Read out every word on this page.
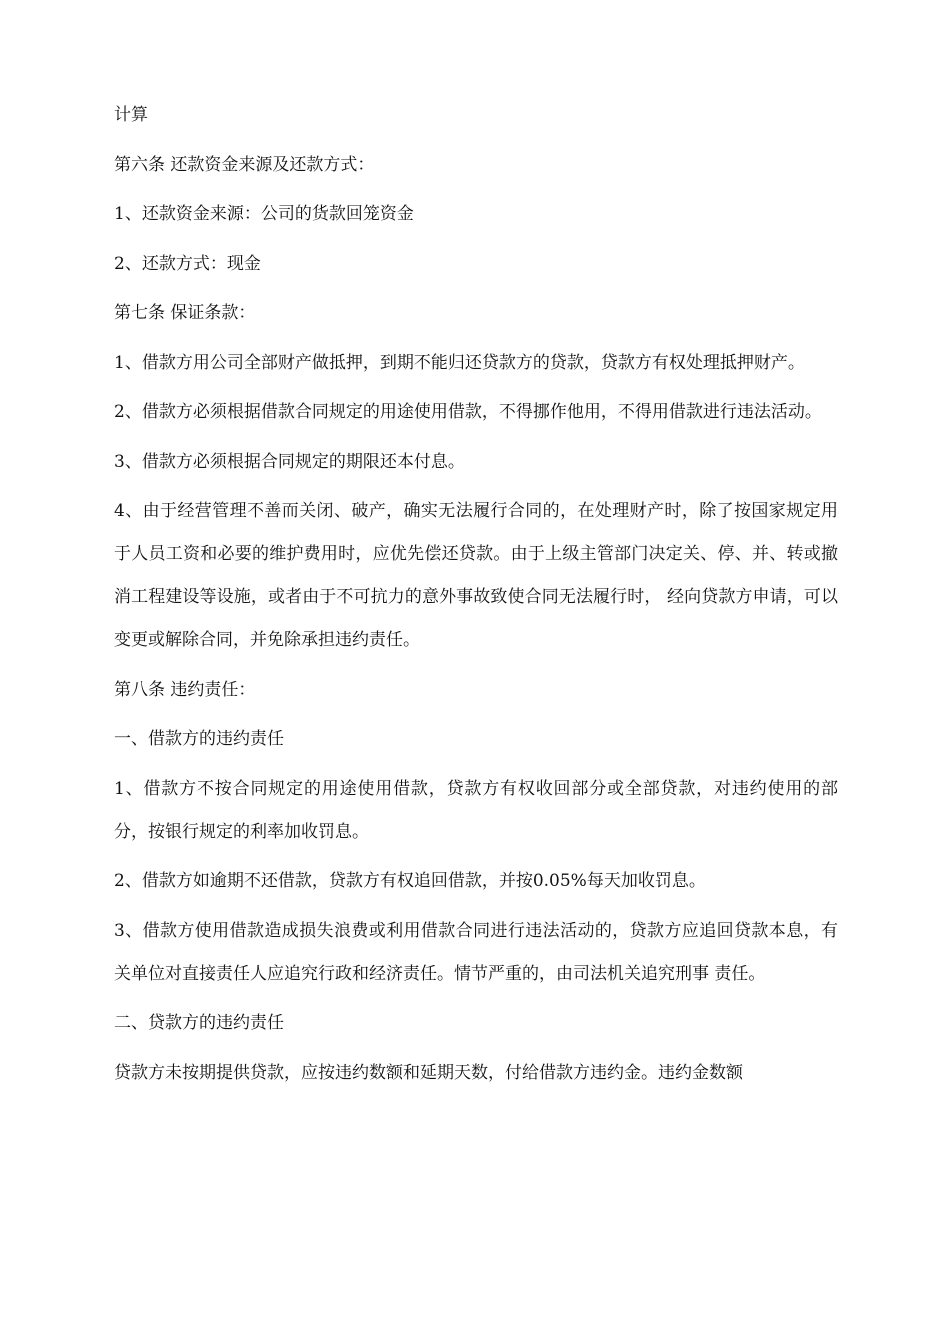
计算

第六条 还款资金来源及还款方式：

1、还款资金来源：公司的货款回笼资金

2、还款方式：现金

第七条 保证条款：

1、借款方用公司全部财产做抵押，到期不能归还贷款方的贷款，贷款方有权处理抵押财产。

2、借款方必须根据借款合同规定的用途使用借款，不得挪作他用，不得用借款进行违法活动。

3、借款方必须根据合同规定的期限还本付息。

4、由于经营管理不善而关闭、破产，确实无法履行合同的，在处理财产时，除了按国家规定用于人员工资和必要的维护费用时，应优先偿还贷款。由于上级主管部门决定关、停、并、转或撤消工程建设等设施，或者由于不可抗力的意外事故致使合同无法履行时， 经向贷款方申请，可以变更或解除合同，并免除承担违约责任。

第八条 违约责任：

一、借款方的违约责任

1、借款方不按合同规定的用途使用借款，贷款方有权收回部分或全部贷款，对违约使用的部分，按银行规定的利率加收罚息。

2、借款方如逾期不还借款，贷款方有权追回借款，并按0.05%每天加收罚息。

3、借款方使用借款造成损失浪费或利用借款合同进行违法活动的，贷款方应追回贷款本息，有关单位对直接责任人应追究行政和经济责任。情节严重的，由司法机关追究刑事 责任。

二、贷款方的违约责任

贷款方未按期提供贷款，应按违约数额和延期天数，付给借款方违约金。违约金数额
